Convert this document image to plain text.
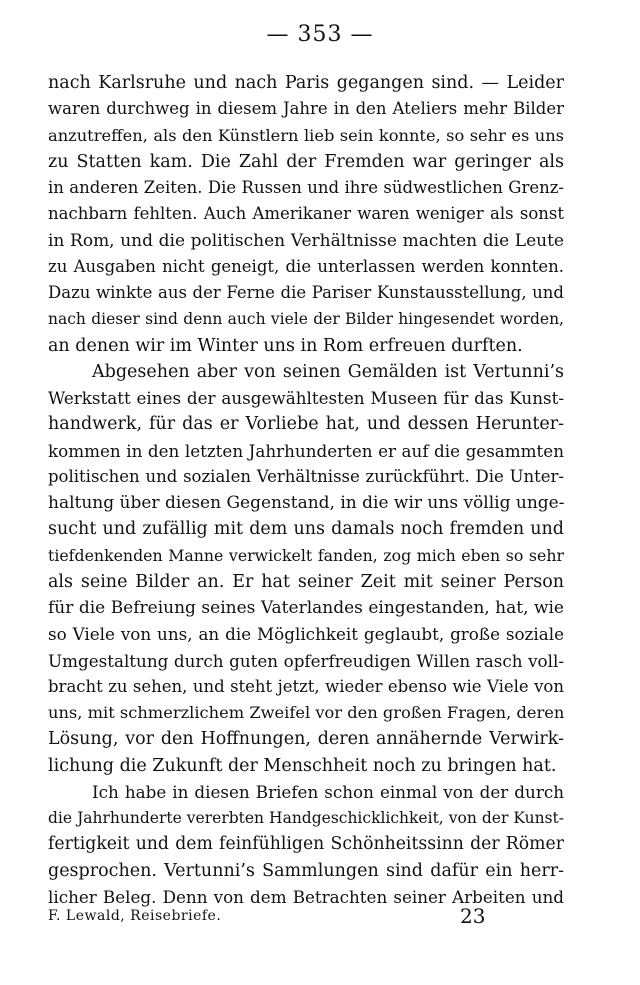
— 353 —
nach Karlsruhe und nach Paris gegangen sind. — Leider
waren durchweg in diesem Jahre in den Ateliers mehr Bilder
anzutreffen, als den Künstlern lieb sein konnte, so sehr es uns
zu Statten kam. Die Zahl der Fremden war geringer als
in anderen Zeiten. Die Russen und ihre südwestlichen Grenz-
nachbarn fehlten. Auch Amerikaner waren weniger als sonst
in Rom, und die politischen Verhältnisse machten die Leute
zu Ausgaben nicht geneigt, die unterlassen werden konnten.
Dazu winkte aus der Ferne die Pariser Kunstausstellung, und
nach dieser sind denn auch viele der Bilder hingesendet worden,
an denen wir im Winter uns in Rom erfreuen durften.
Abgesehen aber von seinen Gemälden ist Vertunni’s
Werkstatt eines der ausgewähltesten Museen für das Kunst-
handwerk, für das er Vorliebe hat, und dessen Herunter-
kommen in den letzten Jahrhunderten er auf die gesammten
politischen und sozialen Verhältnisse zurückführt. Die Unter-
haltung über diesen Gegenstand, in die wir uns völlig unge-
sucht und zufällig mit dem uns damals noch fremden und
tiefdenkenden Manne verwickelt fanden, zog mich eben so sehr
als seine Bilder an. Er hat seiner Zeit mit seiner Person
für die Befreiung seines Vaterlandes eingestanden, hat, wie
so Viele von uns, an die Möglichkeit geglaubt, große soziale
Umgestaltung durch guten opferfreudigen Willen rasch voll-
bracht zu sehen, und steht jetzt, wieder ebenso wie Viele von
uns, mit schmerzlichem Zweifel vor den großen Fragen, deren
Lösung, vor den Hoffnungen, deren annähernde Verwirk-
lichung die Zukunft der Menschheit noch zu bringen hat.
Ich habe in diesen Briefen schon einmal von der durch
die Jahrhunderte vererbten Handgeschicklichkeit, von der Kunst-
fertigkeit und dem feinfühligen Schönheitssinn der Römer
gesprochen. Vertunni’s Sammlungen sind dafür ein herr-
licher Beleg. Denn von dem Betrachten seiner Arbeiten und
F. Lewald, Reisebriefe.	23
